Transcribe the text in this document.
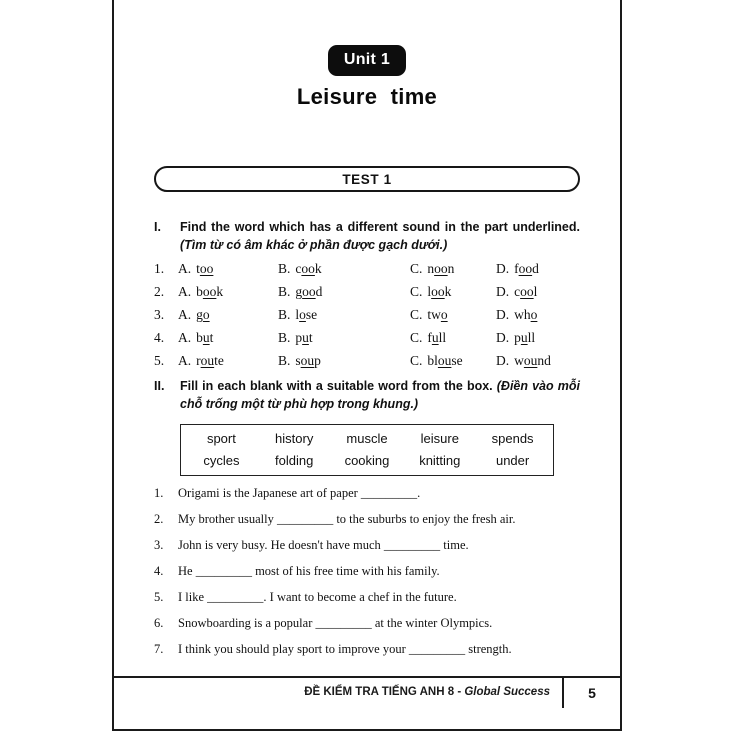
Unit 1
Leisure time
TEST 1
I.	Find the word which has a different sound in the part underlined. (Tìm từ có âm khác ở phần được gạch dưới.)

1.	A. too	B. cook	C. noon	D. food
2.	A. book	B. good	C. look	D. cool
3.	A. go	B. lose	C. two	D. who
4.	A. but	B. put	C. full	D. pull
5.	A. route	B. soup	C. blouse	D. wound
II.	Fill in each blank with a suitable word from the box. (Điền vào mỗi chỗ trống một từ phù hợp trong khung.)

sport	history	muscle	leisure	spends
cycles	folding	cooking	knitting	under
1.	Origami is the Japanese art of paper _________.
2.	My brother usually _________ to the suburbs to enjoy the fresh air.
3.	John is very busy. He doesn't have much _________ time.
4.	He _________ most of his free time with his family.
5.	I like _________. I want to become a chef in the future.
6.	Snowboarding is a popular _________ at the winter Olympics.
7.	I think you should play sport to improve your _________ strength.
ĐỀ KIỂM TRA TIẾNG ANH 8 - Global Success	5
